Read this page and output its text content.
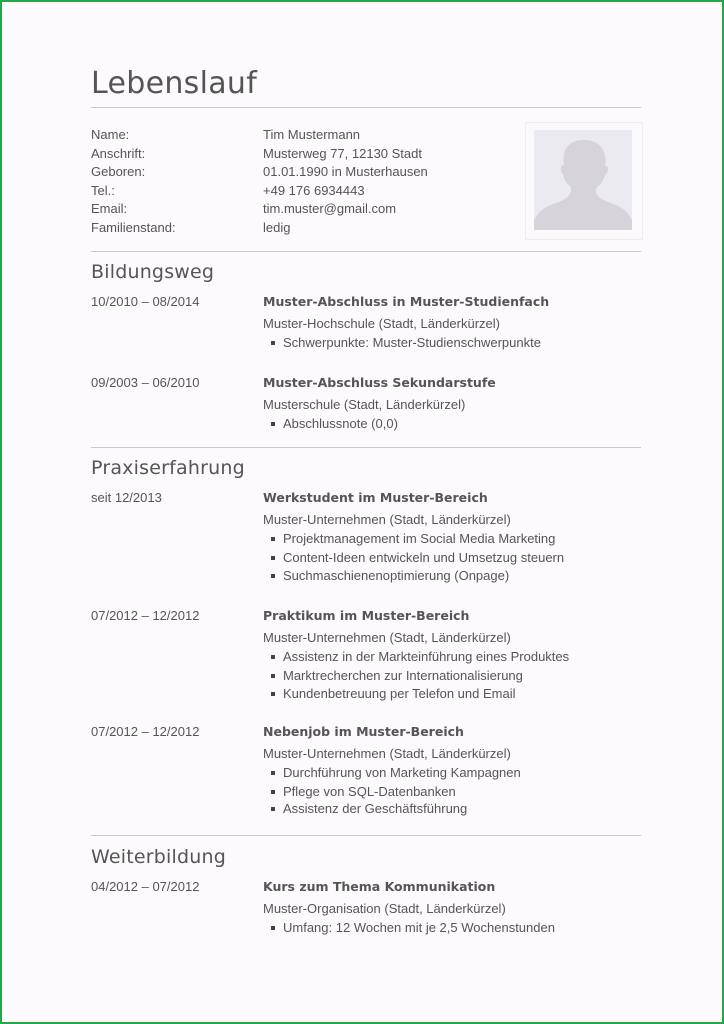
Lebenslauf
Name:	Tim Mustermann
Anschrift:	Musterweg 77, 12130 Stadt
Geboren:	01.01.1990 in Musterhausen
Tel.:	+49 176 6934443
Email:	tim.muster@gmail.com
Familienstand:	ledig
Bildungsweg
10/2010 – 08/2014	Muster-Abschluss in Muster-Studienfach
Muster-Hochschule (Stadt, Länderkürzel)
Schwerpunkte: Muster-Studienschwerpunkte
09/2003 – 06/2010	Muster-Abschluss Sekundarstufe
Musterschule (Stadt, Länderkürzel)
Abschlussnote (0,0)
Praxiserfahrung
seit 12/2013	Werkstudent im Muster-Bereich
Muster-Unternehmen (Stadt, Länderkürzel)
Projektmanagement im Social Media Marketing
Content-Ideen entwickeln und Umsetzug steuern
Suchmaschienenoptimierung (Onpage)
07/2012 – 12/2012	Praktikum im Muster-Bereich
Muster-Unternehmen (Stadt, Länderkürzel)
Assistenz in der Markteinführung eines Produktes
Marktrecherchen zur Internationalisierung
Kundenbetreuung per Telefon und Email
07/2012 – 12/2012	Nebenjob im Muster-Bereich
Muster-Unternehmen (Stadt, Länderkürzel)
Durchführung von Marketing Kampagnen
Pflege von SQL-Datenbanken
Assistenz der Geschäftsführung
Weiterbildung
04/2012 – 07/2012	Kurs zum Thema Kommunikation
Muster-Organisation (Stadt, Länderkürzel)
Umfang: 12 Wochen mit je 2,5 Wochenstunden
